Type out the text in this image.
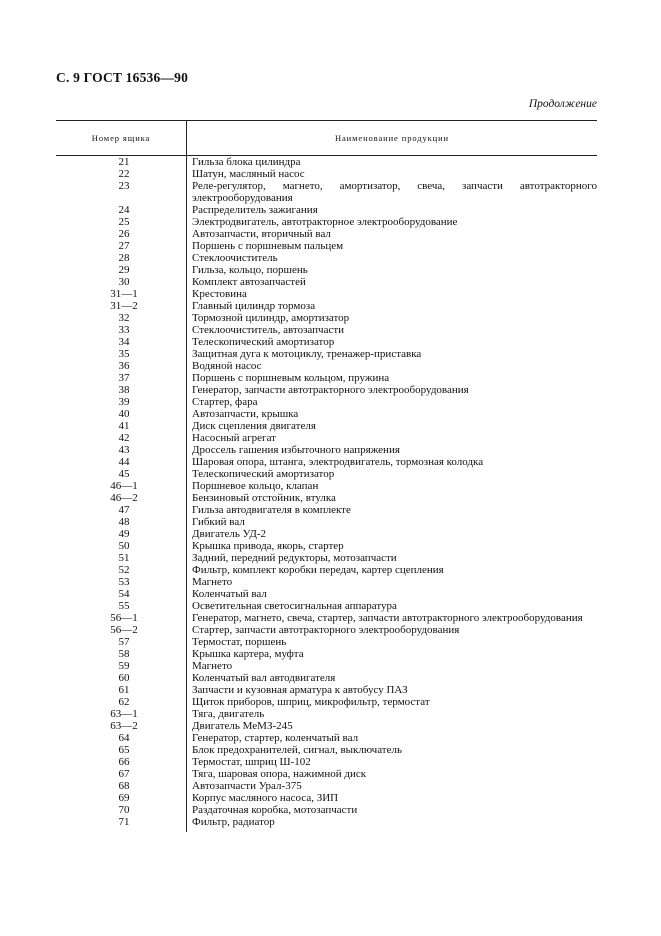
С. 9 ГОСТ 16536—90
Продолжение
Номер ящика	Наименование продукции
21	Гильза блока цилиндра
22	Шатун, масляный насос
23	Реле-регулятор, магнето, амортизатор, свеча, запчасти автотракторного электрооборудования
24	Распределитель зажигания
25	Электродвигатель, автотракторное электрооборудование
26	Автозапчасти, вторичный вал
27	Поршень с поршневым пальцем
28	Стеклоочиститель
29	Гильза, кольцо, поршень
30	Комплект автозапчастей
31—1	Крестовина
31—2	Главный цилиндр тормоза
32	Тормозной цилиндр, амортизатор
33	Стеклоочиститель, автозапчасти
34	Телескопический амортизатор
35	Защитная дуга к мотоциклу, тренажер-приставка
36	Водяной насос
37	Поршень с поршневым кольцом, пружина
38	Генератор, запчасти автотракторного электрооборудования
39	Стартер, фара
40	Автозапчасти, крышка
41	Диск сцепления двигателя
42	Насосный агрегат
43	Дроссель гашения избыточного напряжения
44	Шаровая опора, штанга, электродвигатель, тормозная колодка
45	Телескопический амортизатор
46—1	Поршневое кольцо, клапан
46—2	Бензиновый отстойник, втулка
47	Гильза автодвигателя в комплекте
48	Гибкий вал
49	Двигатель УД-2
50	Крышка привода, якорь, стартер
51	Задний, передний редукторы, мотозапчасти
52	Фильтр, комплект коробки передач, картер сцепления
53	Магнето
54	Коленчатый вал
55	Осветительная светосигнальная аппаратура
56—1	Генератор, магнето, свеча, стартер, запчасти автотракторного электрооборудования
56—2	Стартер, запчасти автотракторного электрооборудования
57	Термостат, поршень
58	Крышка картера, муфта
59	Магнето
60	Коленчатый вал автодвигателя
61	Запчасти и кузовная арматура к автобусу ПАЗ
62	Щиток приборов, шприц, микрофильтр, термостат
63—1	Тяга, двигатель
63—2	Двигатель МеМЗ-245
64	Генератор, стартер, коленчатый вал
65	Блок предохранителей, сигнал, выключатель
66	Термостат, шприц Ш-102
67	Тяга, шаровая опора, нажимной диск
68	Автозапчасти Урал-375
69	Корпус масляного насоса, ЗИП
70	Раздаточная коробка, мотозапчасти
71	Фильтр, радиатор
